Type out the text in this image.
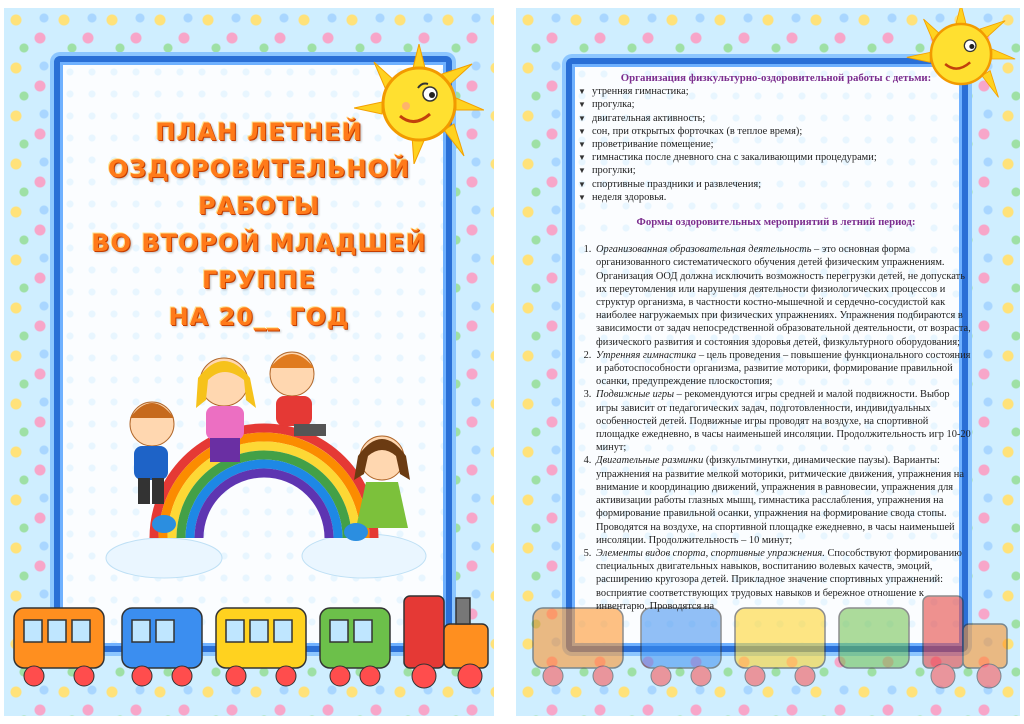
ПЛАН ЛЕТНЕЙ
ОЗДОРОВИТЕЛЬНОЙ
РАБОТЫ
ВО ВТОРОЙ МЛАДШЕЙ
ГРУППЕ
НА 20__ ГОД
Организация физкультурно-оздоровительной работы с детьми:
▼ утренняя гимнастика;
▼ прогулка;
▼ двигательная активность;
▼ сон, при открытых форточках (в теплое время);
▼ проветривание помещение;
▼ гимнастика после дневного сна с закаливающими процедурами;
▼ прогулки;
▼ спортивные праздники и развлечения;
▼ неделя здоровья.
Формы оздоровительных мероприятий в летний период:
1. Организованная образовательная деятельность – это основная форма организованного систематического обучения детей физическим упражнениям. Организация ООД должна исключить возможность перегрузки детей, не допускать их переутомления или нарушения деятельности физиологических процессов и структур организма, в частности костно-мышечной и сердечно-сосудистой как наиболее нагружаемых при физических упражнениях. Упражнения подбираются в зависимости от задач непосредственной образовательной деятельности, от возраста, физического развития и состояния здоровья детей, физкультурного оборудования;
2. Утренняя гимнастика – цель проведения – повышение функционального состояния и работоспособности организма, развитие моторики, формирование правильной осанки, предупреждение плоскостопия;
3. Подвижные игры – рекомендуются игры средней и малой подвижности. Выбор игры зависит от педагогических задач, подготовленности, индивидуальных особенностей детей. Подвижные игры проводят на воздухе, на спортивной площадке ежедневно, в часы наименьшей инсоляции. Продолжительность игр 10-20 минут;
4. Двигательные разминки (физкультминутки, динамические паузы). Варианты: упражнения на развитие мелкой моторики, ритмические движения, упражнения на внимание и координацию движений, упражнения в равновесии, упражнения для активизации работы глазных мышц, гимнастика расслабления, упражнения на формирование правильной осанки, упражнения на формирование свода стопы. Проводятся на воздухе, на спортивной площадке ежедневно, в часы наименьшей инсоляции. Продолжительность – 10 минут;
5. Элементы видов спорта, спортивные упражнения. Способствуют формированию специальных двигательных навыков, воспитанию волевых качеств, эмоций, расширению кругозора детей. Прикладное значение спортивных упражнений: восприятие соответствующих трудовых навыков и бережное отношение к инвентарю. Проводятся на
